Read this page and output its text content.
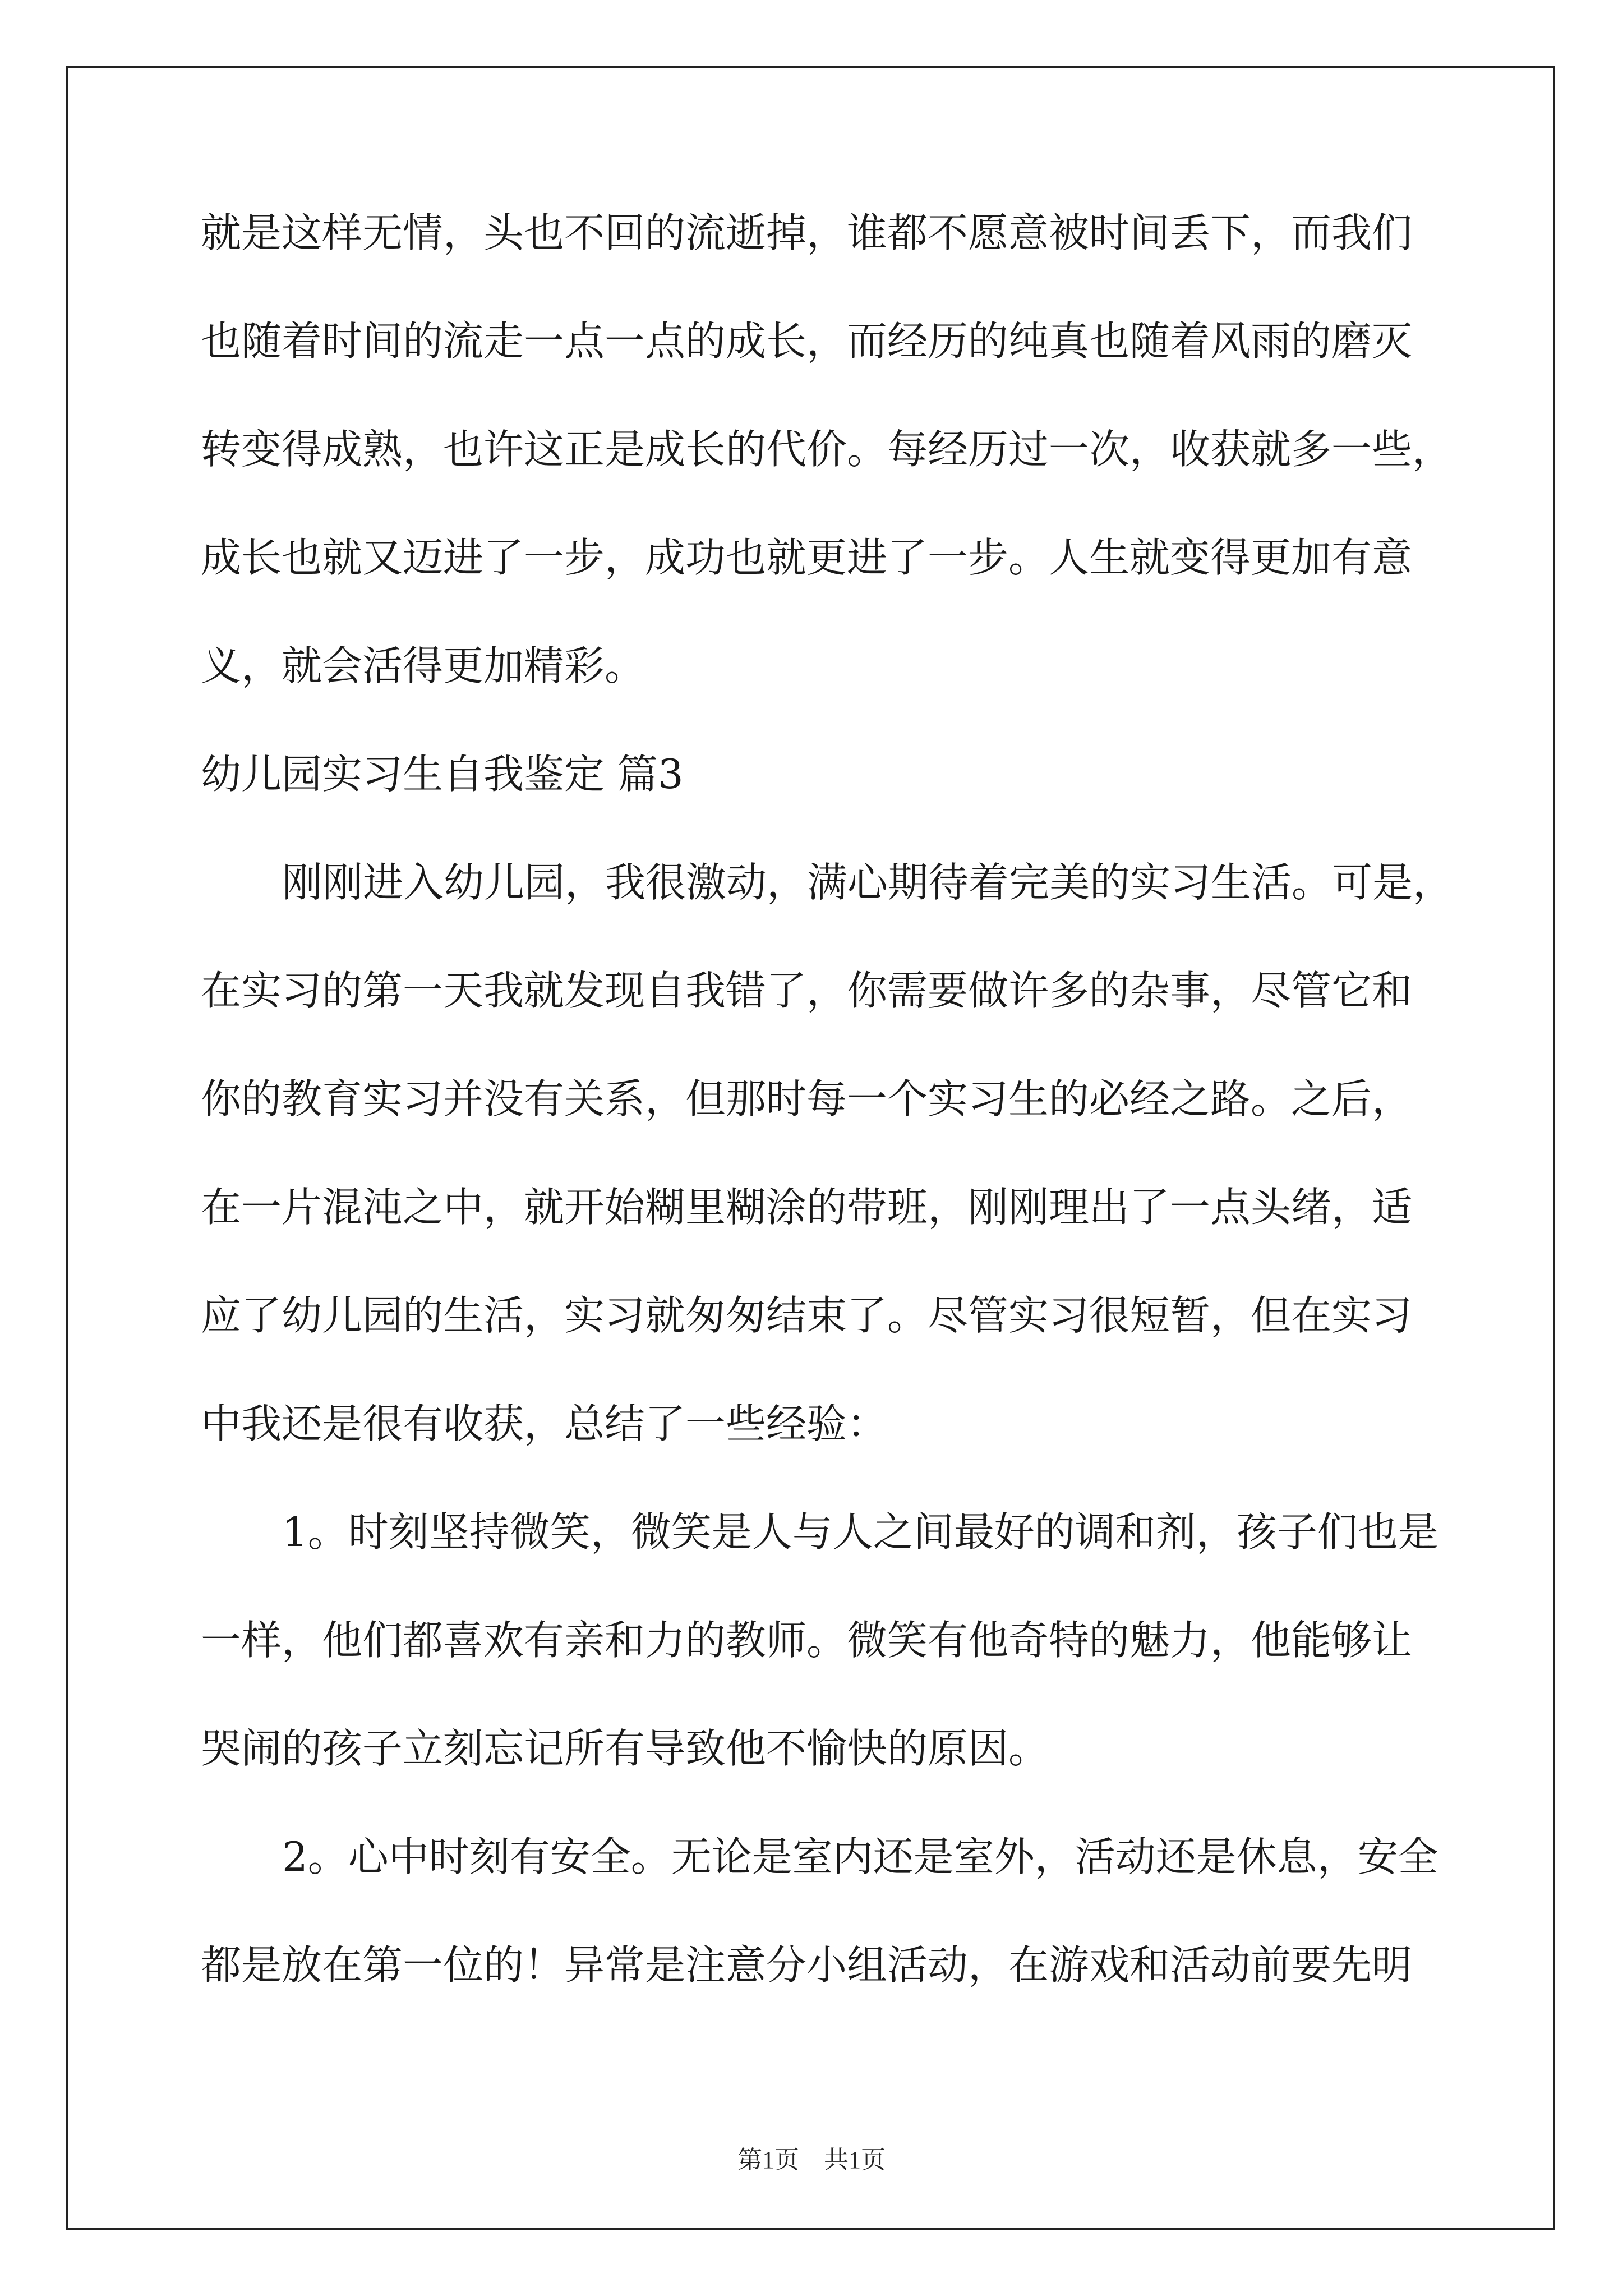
就是这样无情，头也不回的流逝掉，谁都不愿意被时间丢下，而我们
也随着时间的流走一点一点的成长，而经历的纯真也随着风雨的磨灭
转变得成熟，也许这正是成长的代价。每经历过一次，收获就多一些，
成长也就又迈进了一步，成功也就更进了一步。人生就变得更加有意
义，就会活得更加精彩。
幼儿园实习生自我鉴定 篇3
刚刚进入幼儿园，我很激动，满心期待着完美的实习生活。可是，
在实习的第一天我就发现自我错了，你需要做许多的杂事，尽管它和
你的教育实习并没有关系，但那时每一个实习生的必经之路。之后，
在一片混沌之中，就开始糊里糊涂的带班，刚刚理出了一点头绪，适
应了幼儿园的生活，实习就匆匆结束了。尽管实习很短暂，但在实习
中我还是很有收获，总结了一些经验：
1。时刻坚持微笑，微笑是人与人之间最好的调和剂，孩子们也是
一样，他们都喜欢有亲和力的教师。微笑有他奇特的魅力，他能够让
哭闹的孩子立刻忘记所有导致他不愉快的原因。
2。心中时刻有安全。无论是室内还是室外，活动还是休息，安全
都是放在第一位的！异常是注意分小组活动，在游戏和活动前要先明
第1页　共1页
